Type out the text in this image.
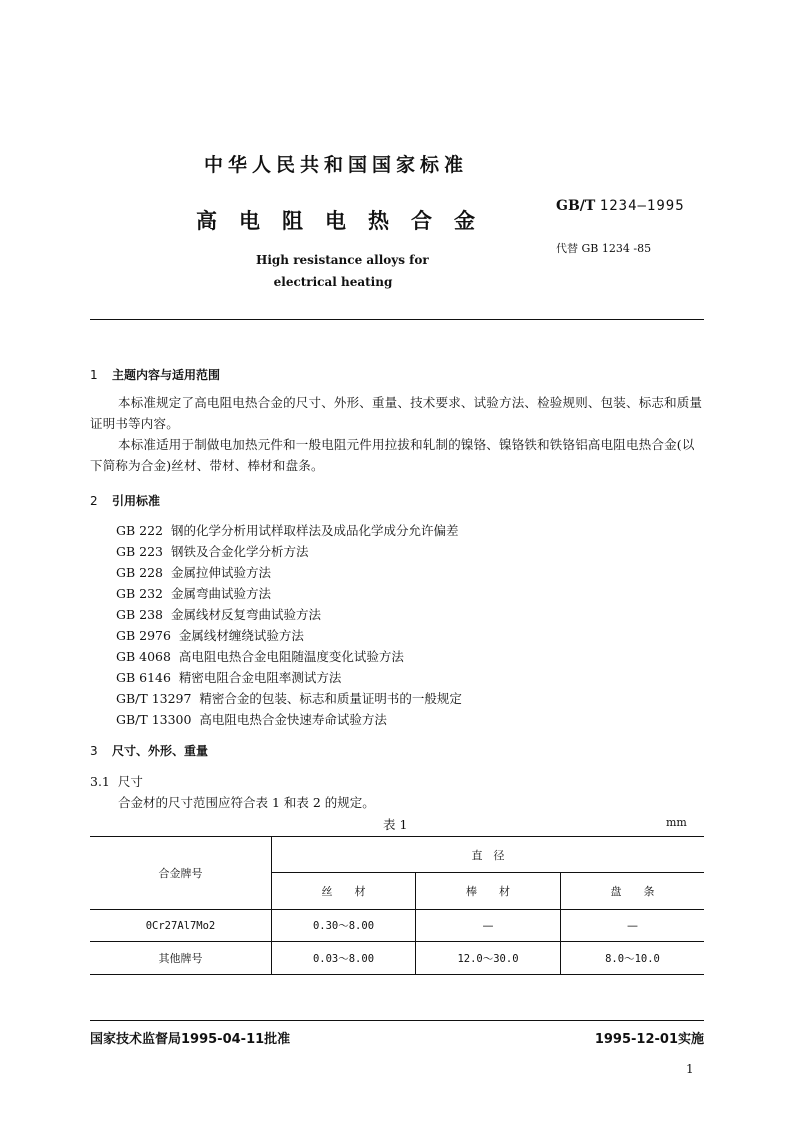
中华人民共和国国家标准
高电阻电热合金
GB/T 1234—1995
代替 GB 1234 -85
High resistance alloys for
electrical heating
1 主题内容与适用范围

本标准规定了高电阻电热合金的尺寸、外形、重量、技术要求、试验方法、检验规则、包装、标志和质量证明书等内容。

本标准适用于制做电加热元件和一般电阻元件用拉拔和轧制的镍铬、镍铬铁和铁铬铝高电阻电热合金(以下简称为合金)丝材、带材、棒材和盘条。

2 引用标准
GB 222 钢的化学分析用试样取样法及成品化学成分允许偏差
GB 223 钢铁及合金化学分析方法
GB 228 金属拉伸试验方法
GB 232 金属弯曲试验方法
GB 238 金属线材反复弯曲试验方法
GB 2976 金属线材缠绕试验方法
GB 4068 高电阻电热合金电阻随温度变化试验方法
GB 6146 精密电阻合金电阻率测试方法
GB/T 13297 精密合金的包装、标志和质量证明书的一般规定
GB/T 13300 高电阻电热合金快速寿命试验方法
3 尺寸、外形、重量
3.1 尺寸
合金材的尺寸范围应符合表 1 和表 2 的规定。
表 1	mm
合金牌号	直　径		
	丝　　材	棒　　材	盘　　条
0Cr27Al7Mo2	0.30～8.00	—	—
其他牌号	0.03～8.00	12.0～30.0	8.0～10.0
国家技术监督局1995-04-11批准	1995-12-01实施
1
